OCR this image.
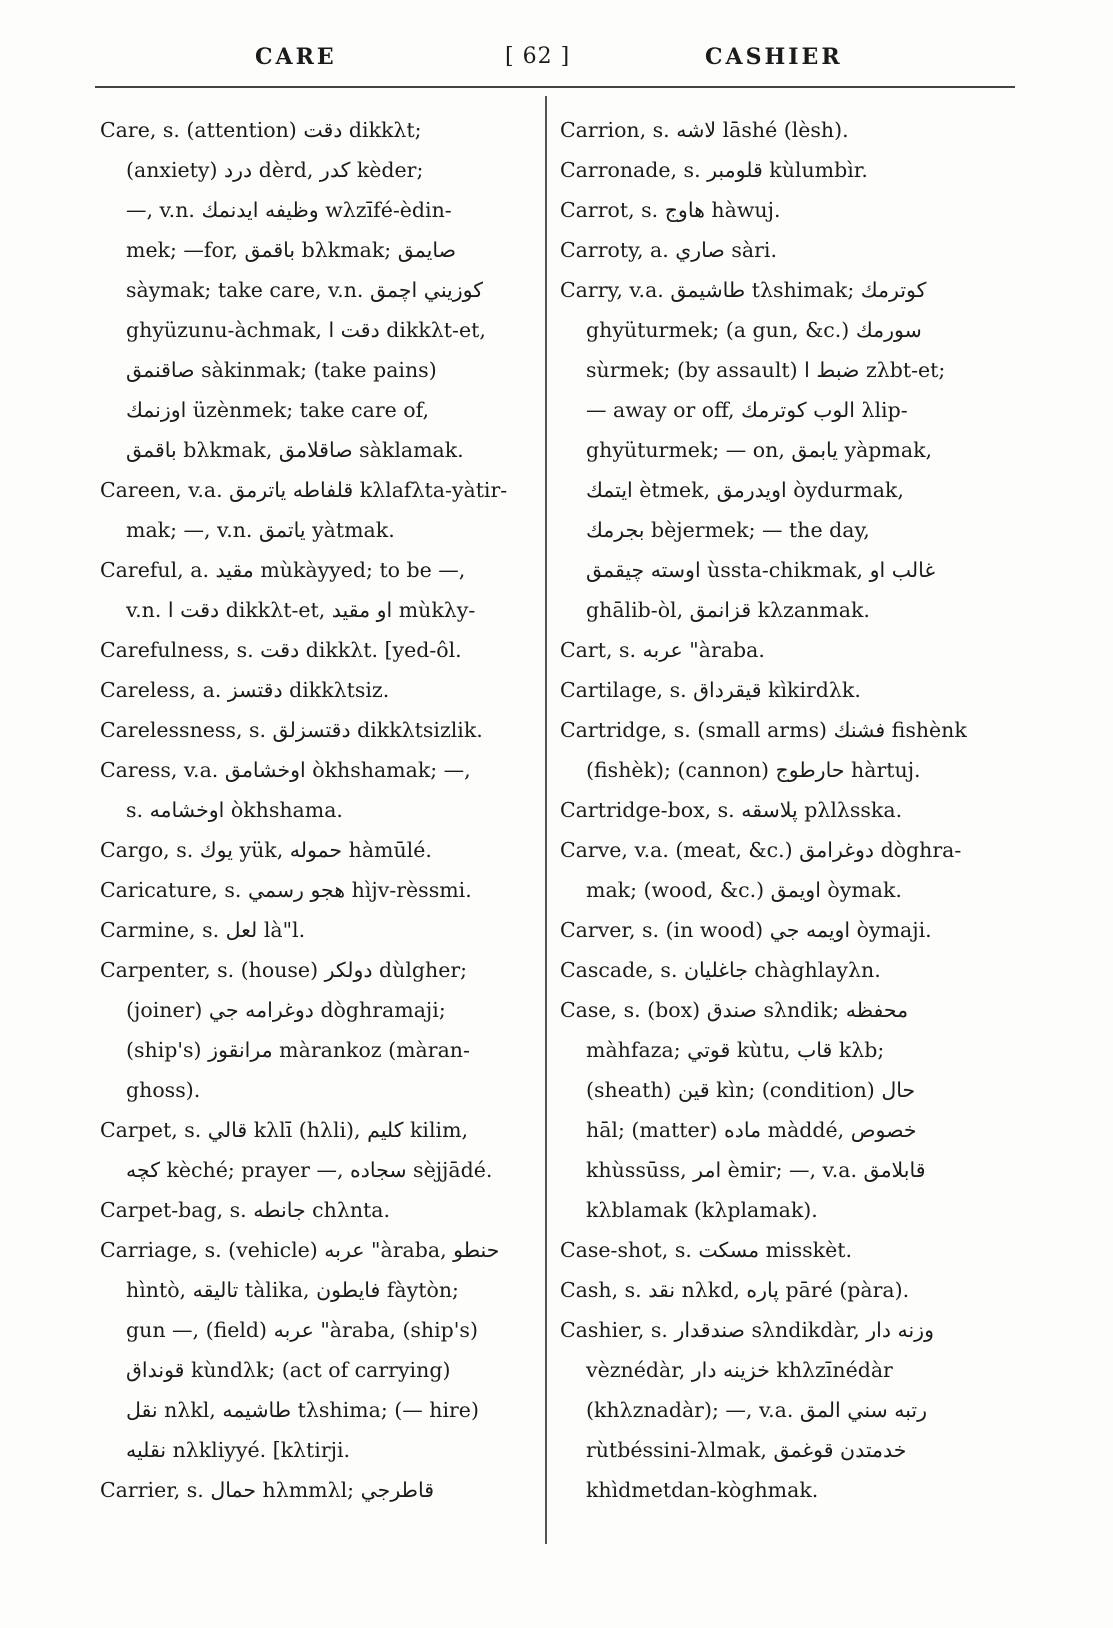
CARE	[ 62 ]	CASHIER
Care, s. (attention) دقت dikkλt;
(anxiety) درد dèrd, كدر kèder;
—, v.n. وظيفه ايدنمك wλzīfé-èdin-
mek; —for, باقمق bλkmak; صايمق
sàymak; take care, v.n. كوزيني اچمق
ghyüzunu-àchmak, دقت ا dikkλt-et,
صاقنمق sàkinmak; (take pains)
اوزنمك üzènmek; take care of,
باقمق bλkmak, صاقلامق sàklamak.
Careen, v.a. قلفاطه ياترمق kλlafλta-yàtir-
mak; —, v.n. ياتمق yàtmak.
Careful, a. مقيد mùkàyyed; to be —,
v.n. دقت ا dikkλt-et, او مقيد mùkλy-
Carefulness, s. دقت dikkλt. [yed-ôl.
Careless, a. دقتسز dikkλtsiz.
Carelessness, s. دقتسزلق dikkλtsizlik.
Caress, v.a. اوخشامق òkhshamak; —,
s. اوخشامه òkhshama.
Cargo, s. يوك yük, حموله hàmūlé.
Caricature, s. هجو رسمي hìjv-rèssmi.
Carmine, s. لعل là"l.
Carpenter, s. (house) دولكر dùlgher;
(joiner) دوغرامه جي dòghramaji;
(ship's) مرانقوز màrankoz (màran-
ghoss).
Carpet, s. قالي kλlī (hλli), كليم kilim,
كچه kèché; prayer —, سجاده sèjjādé.
Carpet-bag, s. جانطه chλnta.
Carriage, s. (vehicle) عربه "àraba, حنطو
hìntò, تاليقه tàlika, فايطون fàytòn;
gun —, (field) عربه "àraba, (ship's)
قونداق kùndλk; (act of carrying)
نقل nλkl, طاشيمه tλshima; (— hire)
نقليه nλkliyyé. [kλtirji.
Carrier, s. حمال hλmmλl; قاطرجي
Carrion, s. لاشه lāshé (lèsh).
Carronade, s. قلومبر kùlumbìr.
Carrot, s. هاوج hàwuj.
Carroty, a. صاري sàri.
Carry, v.a. طاشيمق tλshimak; كوترمك
ghyüturmek; (a gun, &c.) سورمك
sùrmek; (by assault) ضبط ا zλbt-et;
— away or off, الوب كوترمك λlip-
ghyüturmek; — on, يابمق yàpmak,
ايتمك ètmek, اويدرمق òydurmak,
بجرمك bèjermek; — the day,
اوسته چيقمق ùssta-chikmak, غالب او
ghālib-òl, قزانمق kλzanmak.
Cart, s. عربه "àraba.
Cartilage, s. قيقرداق kìkirdλk.
Cartridge, s. (small arms) فشنك fishènk
(fishèk); (cannon) حارطوج hàrtuj.
Cartridge-box, s. پلاسقه pλlλsska.
Carve, v.a. (meat, &c.) دوغرامق dòghra-
mak; (wood, &c.) اويمق òymak.
Carver, s. (in wood) اويمه جي òymaji.
Cascade, s. جاغليان chàghlayλn.
Case, s. (box) صندق sλndik; محفظه
màhfaza; قوتي kùtu, قاب kλb;
(sheath) قين kìn; (condition) حال
hāl; (matter) ماده màddé, خصوص
khùssūss, امر èmir; —, v.a. قابلامق
kλblamak (kλplamak).
Case-shot, s. مسكت misskèt.
Cash, s. نقد nλkd, پاره pāré (pàra).
Cashier, s. صندقدار sλndikdàr, وزنه دار
vèznédàr, خزينه دار khλzīnédàr
(khλznadàr); —, v.a. رتبه سني المق
rùtbéssini-λlmak, خدمتدن قوغمق
khìdmetdan-kòghmak.
